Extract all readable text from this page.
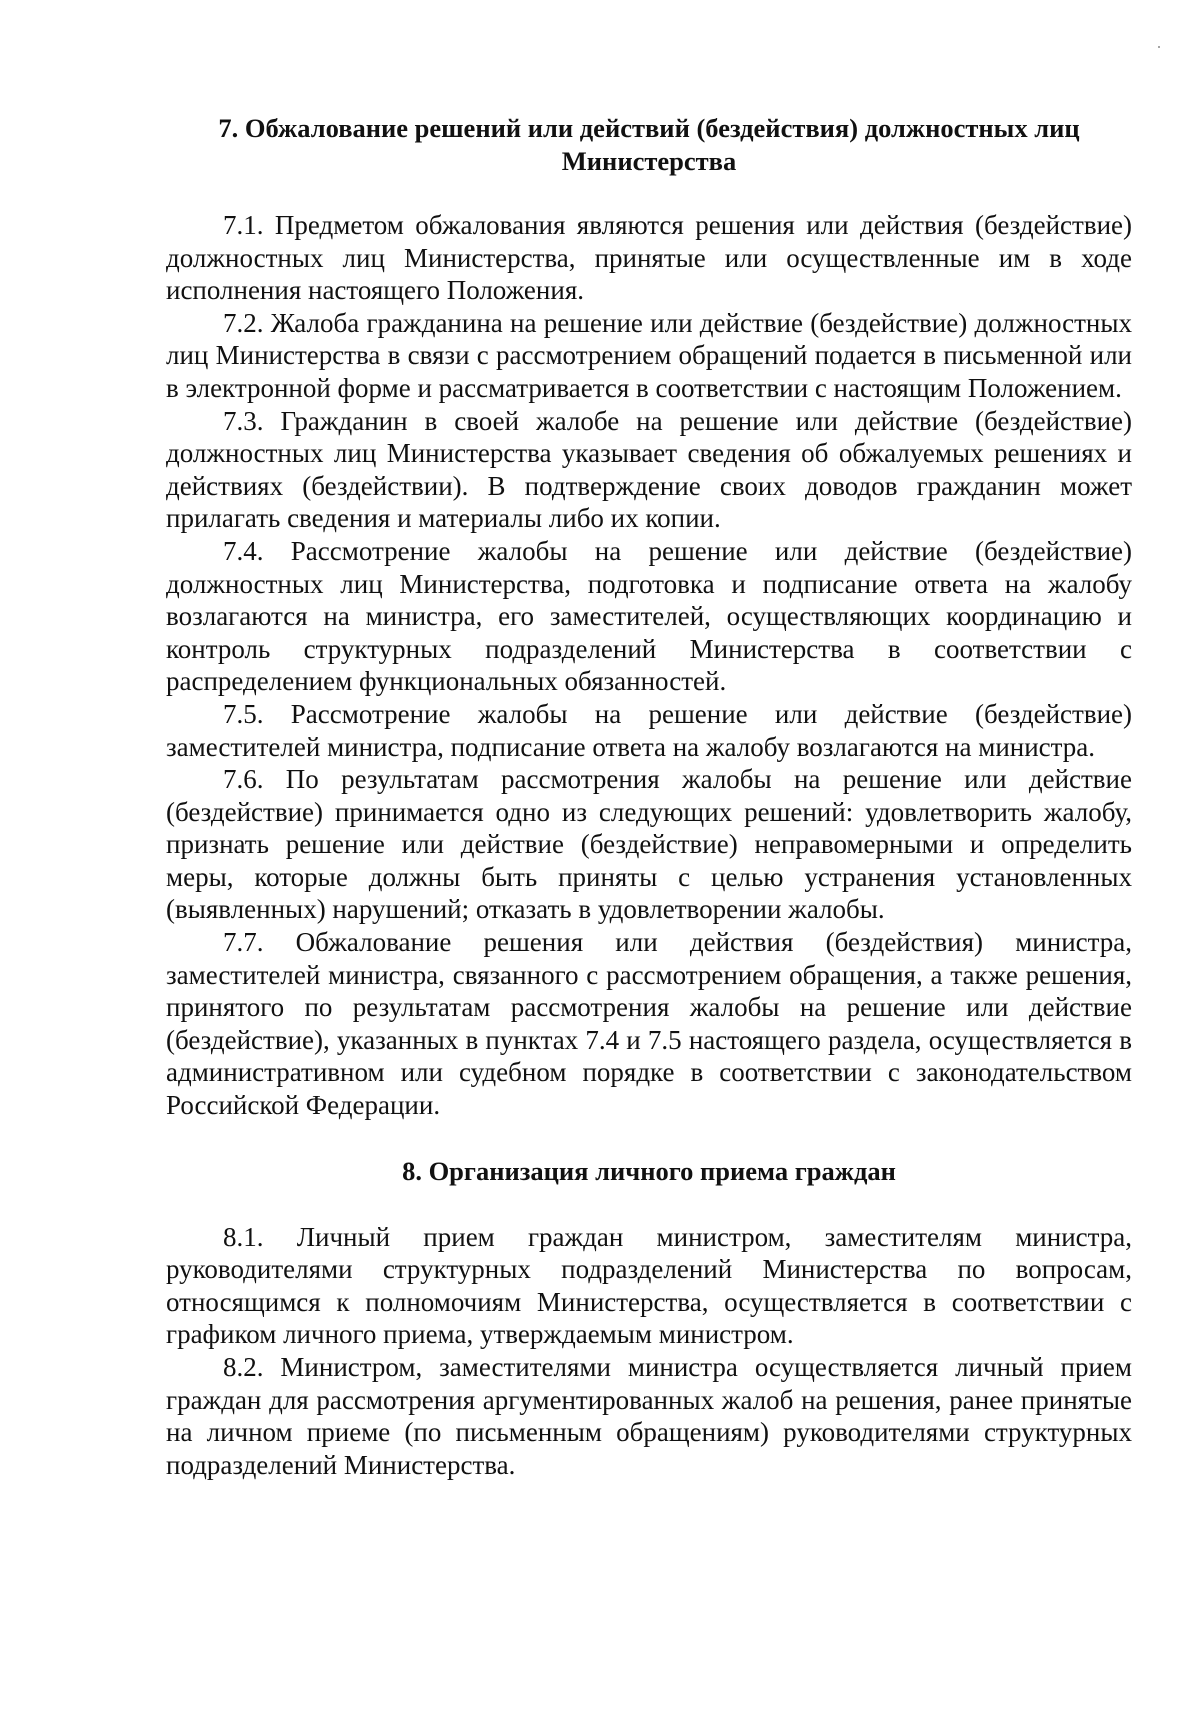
7. Обжалование решений или действий (бездействия) должностных лиц
Министерства

7.1. Предметом обжалования являются решения или действия (бездействие) должностных лиц Министерства, принятые или осуществленные им в ходе исполнения настоящего Положения.

7.2. Жалоба гражданина на решение или действие (бездействие) должностных лиц Министерства в связи с рассмотрением обращений подается в письменной или в электронной форме и рассматривается в соответствии с настоящим Положением.

7.3. Гражданин в своей жалобе на решение или действие (бездействие) должностных лиц Министерства указывает сведения об обжалуемых решениях и действиях (бездействии). В подтверждение своих доводов гражданин может прилагать сведения и материалы либо их копии.

7.4. Рассмотрение жалобы на решение или действие (бездействие) должностных лиц Министерства, подготовка и подписание ответа на жалобу возлагаются на министра, его заместителей, осуществляющих координацию и контроль структурных подразделений Министерства в соответствии с распределением функциональных обязанностей.

7.5. Рассмотрение жалобы на решение или действие (бездействие) заместителей министра, подписание ответа на жалобу возлагаются на министра.

7.6. По результатам рассмотрения жалобы на решение или действие (бездействие) принимается одно из следующих решений: удовлетворить жалобу, признать решение или действие (бездействие) неправомерными и определить меры, которые должны быть приняты с целью устранения установленных (выявленных) нарушений; отказать в удовлетворении жалобы.

7.7. Обжалование решения или действия (бездействия) министра, заместителей министра, связанного с рассмотрением обращения, а также решения, принятого по результатам рассмотрения жалобы на решение или действие (бездействие), указанных в пунктах 7.4 и 7.5 настоящего раздела, осуществляется в административном или судебном порядке в соответствии с законодательством Российской Федерации.

8. Организация личного приема граждан

8.1. Личный прием граждан министром, заместителям министра, руководителями структурных подразделений Министерства по вопросам, относящимся к полномочиям Министерства, осуществляется в соответствии с графиком личного приема, утверждаемым министром.

8.2. Министром, заместителями министра осуществляется личный прием граждан для рассмотрения аргументированных жалоб на решения, ранее принятые на личном приеме (по письменным обращениям) руководителями структурных подразделений Министерства.
